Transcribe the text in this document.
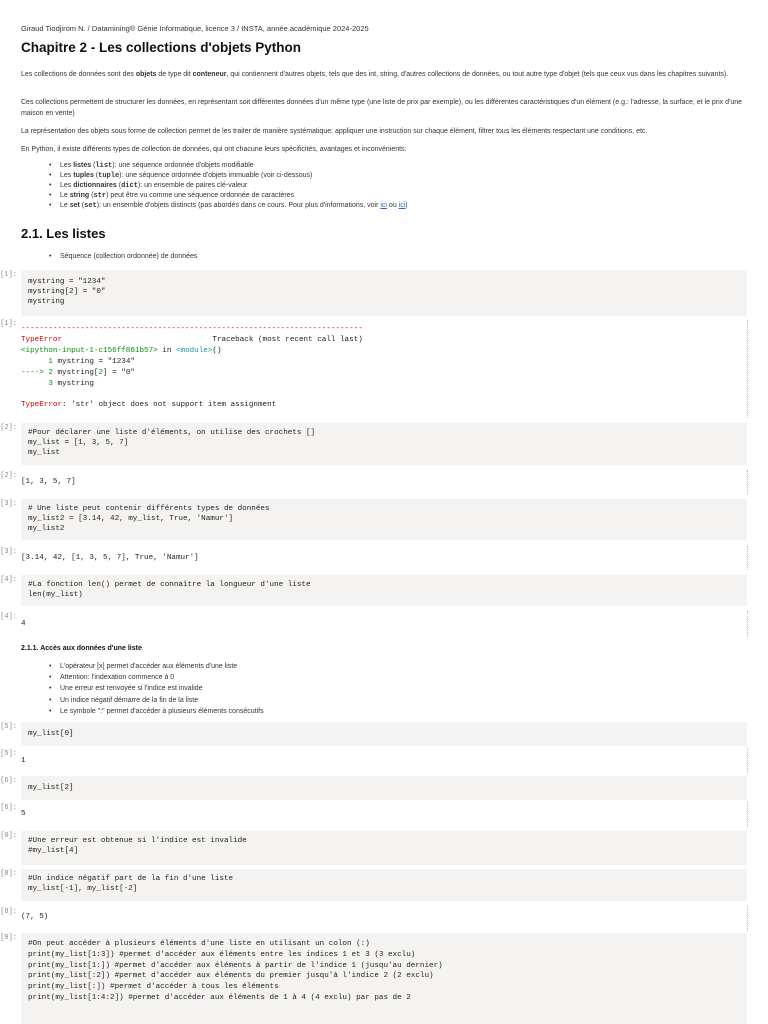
Giraud Tiodjirom N. / Datamining® Génie Informatique, licence 3 / INSTA, année académique 2024-2025
Chapitre 2 - Les collections d'objets Python
Les collections de données sont des objets de type dit conteneur, qui contiennent d'autres objets, tels que des int, string, d'autres collections de données, ou tout autre type d'objet (tels que ceux vus dans les chapitres suivants).
Ces collections permettent de structurer les données, en représentant soit différentes données d'un même type (une liste de prix par exemple), ou les différentes caractéristiques d'un élément (e.g.: l'adresse, la surface, et le prix d'une maison en vente)
La représentation des objets sous forme de collection permet de les traiter de manière systématique: appliquer une instruction sur chaque élément, filtrer tous les éléments respectant une conditions, etc.
En Python, il existe différents types de collection de données, qui ont chacune leurs spécificités, avantages et inconvénients:
• Les listes (list): une séquence ordonnée d'objets modifiable
• Les tuples (tuple): une séquence ordonnée d'objets immuable (voir ci-dessous)
• Les dictionnaires (dict): un ensemble de paires clé-valeur
• Le string (str) peut être vu comme une séquence ordonnée de caractères
• Le set (set): un ensemble d'objets distincts (pas abordés dans ce cours. Pour plus d'informations, voir ici ou ici)
2.1. Les listes
• Séquence (collection ordonnée) de données
[1]:
mystring = "1234"
mystring[2] = "0"
mystring
[1]:
---------------------------------------------------------------------------
TypeError                                 Traceback (most recent call last)
<ipython-input-1-c156ff861b57> in <module>()
1 mystring = "1234"
----> 2 mystring[2] = "0"
3 mystring

TypeError: 'str' object does not support item assignment
[2]:
#Pour déclarer une liste d'éléments, on utilise des crochets []
my_list = [1, 3, 5, 7]
my_list
[2]:
[1, 3, 5, 7]
[3]:
# Une liste peut contenir différents types de données
my_list2 = [3.14, 42, my_list, True, 'Namur']
my_list2
[3]:
[3.14, 42, [1, 3, 5, 7], True, 'Namur']
[4]:
#La fonction len() permet de connaître la longueur d'une liste
len(my_list)
[4]:
4
2.1.1. Accès aux données d'une liste
• L'opérateur [x] permet d'accéder aux éléments d'une liste
• Attention: l'indexation commence à 0
• Une erreur est renvoyée si l'indice est invalide
• Un indice négatif démarre de la fin de la liste
• Le symbole ":" permet d'accéder à plusieurs éléments consécutifs
[5]:
my_list[0]
[5]:
1
[6]:
my_list[2]
[6]:
5
[0]:
#Une erreur est obtenue si l'indice est invalide
#my_list[4]
[8]:
#Un indice négatif part de la fin d'une liste
my_list[-1], my_list[-2]
[8]:
(7, 5)
[9]:
#On peut accéder à plusieurs éléments d'une liste en utilisant un colon (:)
print(my_list[1:3]) #permet d'accéder aux éléments entre les indices 1 et 3 (3 exclu)
print(my_list[1:]) #permet d'accéder aux éléments à partir de l'indice 1 (jusqu'au dernier)
print(my_list[:2]) #permet d'accéder aux éléments du premier jusqu'à l'indice 2 (2 exclu)
print(my_list[:]) #permet d'accéder à tous les éléments
print(my_list[1:4:2]) #permet d'accéder aux éléments de 1 à 4 (4 exclu) par pas de 2
